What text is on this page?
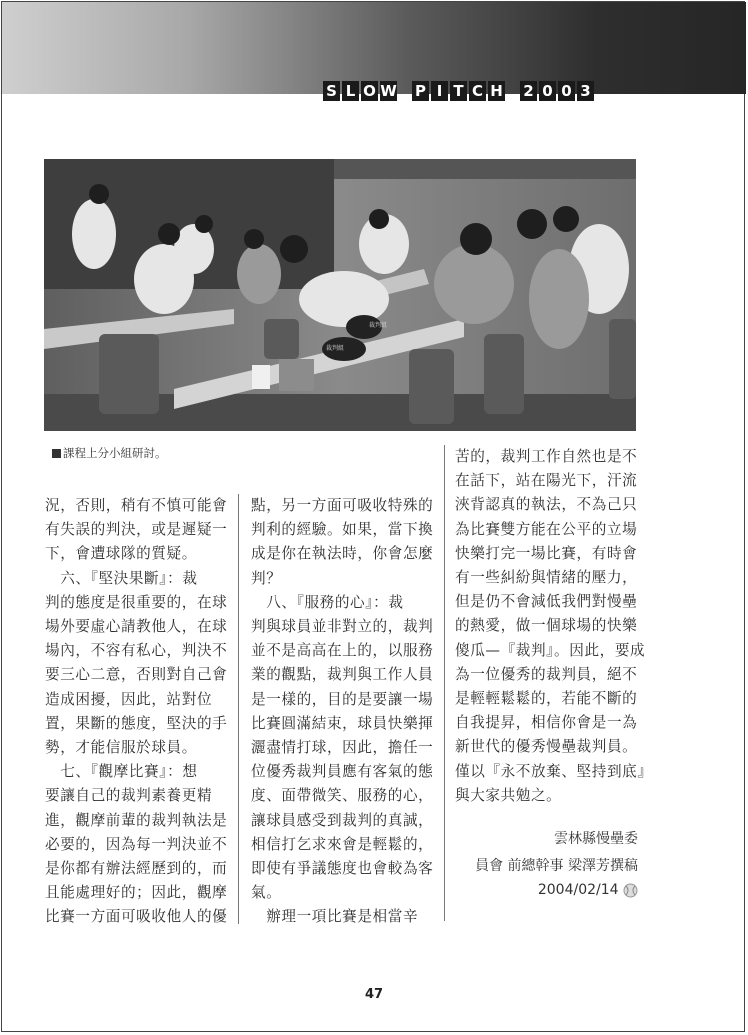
S L O W P I T C H 2 0 0 3
裁判組
裁判組
課程上分小組研討。

況，否則，稍有不慎可能會

有失誤的判決，或是遲疑一

下，會遭球隊的質疑。

　六、『堅決果斷』：裁

判的態度是很重要的，在球

場外要虛心請教他人，在球

場內，不容有私心，判決不

要三心二意，否則對自己會

造成困擾，因此，站對位

置，果斷的態度，堅決的手

勢，才能信服於球員。

　七、『觀摩比賽』：想

要讓自己的裁判素養更精

進，觀摩前輩的裁判執法是

必要的，因為每一判決並不

是你都有辦法經歷到的，而

且能處理好的；因此，觀摩

比賽一方面可吸收他人的優

點，另一方面可吸收特殊的

判利的經驗。如果，當下換

成是你在執法時，你會怎麼

判？

　八、『服務的心』：裁

判與球員並非對立的，裁判

並不是高高在上的，以服務

業的觀點，裁判與工作人員

是一樣的，目的是要讓一場

比賽圓滿結束，球員快樂揮

灑盡情打球，因此，擔任一

位優秀裁判員應有客氣的態

度、面帶微笑、服務的心，

讓球員感受到裁判的真誠，

相信打乞求來會是輕鬆的，

即使有爭議態度也會較為客

氣。

　辦理一項比賽是相當辛

苦的，裁判工作自然也是不

在話下，站在陽光下，汗流

浹背認真的執法，不為己只

為比賽雙方能在公平的立場

快樂打完一場比賽，有時會

有一些糾紛與情緒的壓力，

但是仍不會減低我們對慢壘

的熱愛，做一個球場的快樂

傻瓜—『裁判』。因此，要成

為一位優秀的裁判員，絕不

是輕輕鬆鬆的，若能不斷的

自我提昇，相信你會是一為

新世代的優秀慢壘裁判員。

僅以『永不放棄、堅持到底』

與大家共勉之。

雲林縣慢壘委
員會 前總幹事 梁澤芳撰稿
2004/02/14
47
